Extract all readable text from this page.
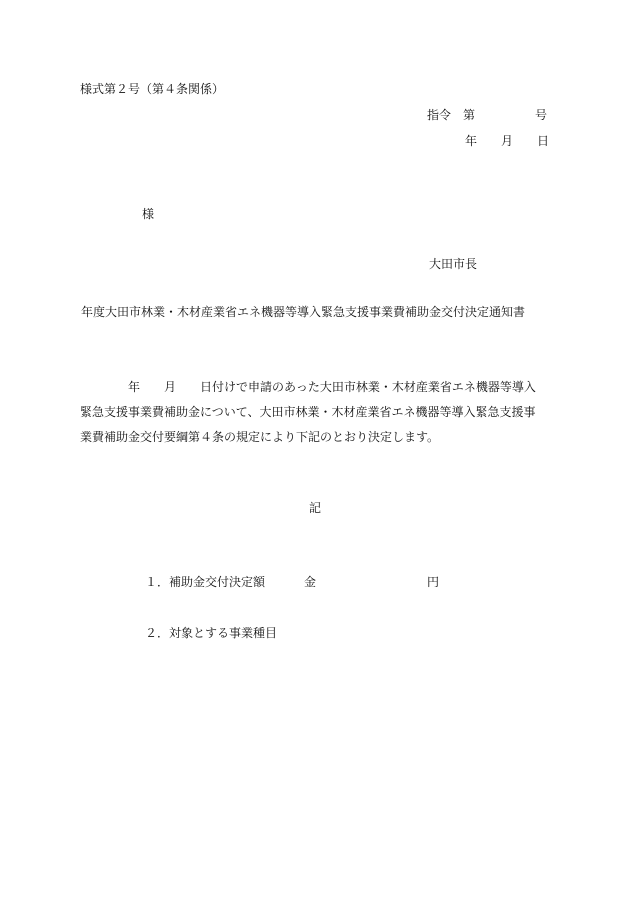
様式第２号（第４条関係）

指令　第　　　　　号

年　　月　　日

様

大田市長

年度大田市林業・木材産業省エネ機器等導入緊急支援事業費補助金交付決定通知書

　　　　年　　月　　日付けで申請のあった大田市林業・木材産業省エネ機器等導入
緊急支援事業費補助金について、大田市林業・木材産業省エネ機器等導入緊急支援事
業費補助金交付要綱第４条の規定により下記のとおり決定します。

記

１．補助金交付決定額	金	円

２．対象とする事業種目
